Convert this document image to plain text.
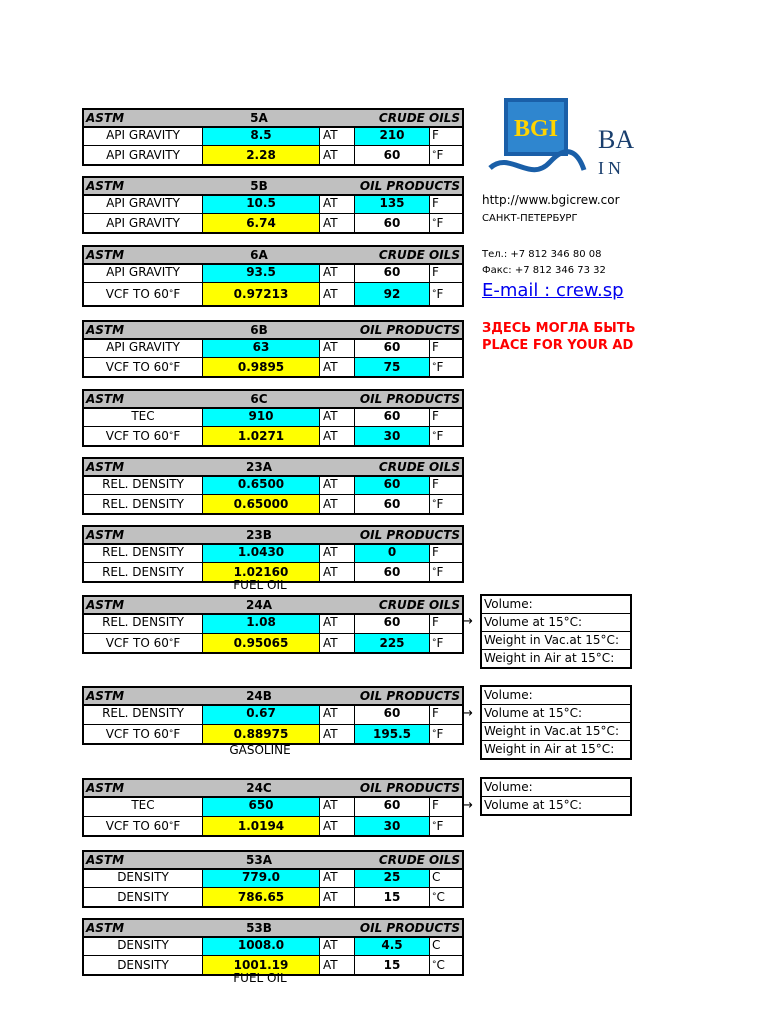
ASTM	5A	CRUDE OILS
API GRAVITY	8.5	AT	210	F
API GRAVITY	2.28	AT	60	°F
ASTM	5B	OIL PRODUCTS
API GRAVITY	10.5	AT	135	F
API GRAVITY	6.74	AT	60	°F
ASTM	6A	CRUDE OILS
API GRAVITY	93.5	AT	60	F
VCF TO 60°F	0.97213	AT	92	°F
ASTM	6B	OIL PRODUCTS
API GRAVITY	63	AT	60	F
VCF TO 60°F	0.9895	AT	75	°F
ASTM	6C	OIL PRODUCTS
TEC	910	AT	60	F
VCF TO 60°F	1.0271	AT	30	°F
ASTM	23A	CRUDE OILS
REL. DENSITY	0.6500	AT	60	F
REL. DENSITY	0.65000	AT	60	°F
ASTM	23B	OIL PRODUCTS
REL. DENSITY	1.0430	AT	0	F
REL. DENSITY	1.02160	AT	60	°F
ASTM	24A	CRUDE OILS
REL. DENSITY	1.08	AT	60	F
VCF TO 60°F	0.95065	AT	225	°F
ASTM	24B	OIL PRODUCTS
REL. DENSITY	0.67	AT	60	F
VCF TO 60°F	0.88975	AT	195.5	°F
ASTM	24C	OIL PRODUCTS
TEC	650	AT	60	F
VCF TO 60°F	1.0194	AT	30	°F
ASTM	53A	CRUDE OILS
DENSITY	779.0	AT	25	C
DENSITY	786.65	AT	15	°C
ASTM	53B	OIL PRODUCTS
DENSITY	1008.0	AT	4.5	C
DENSITY	1001.19	AT	15	°C
FUEL OIL
GASOLINE
FUEL OIL
→
Volume:
Volume at 15°C:
Weight in Vac.at 15°C:
Weight in Air at 15°C:
→
Volume:
Volume at 15°C:
Weight in Vac.at 15°C:
Weight in Air at 15°C:
→
Volume:
Volume at 15°C:
BGI BA
IN
http://www.bgicrew.cor
САНКТ-ПЕТЕРБУРГ
Тел.: +7 812 346 80 08
Факс: +7 812 346 73 32
E-mail : crew.sp
ЗДЕСЬ МОГЛА БЫТЬ
PLACE FOR YOUR AD
